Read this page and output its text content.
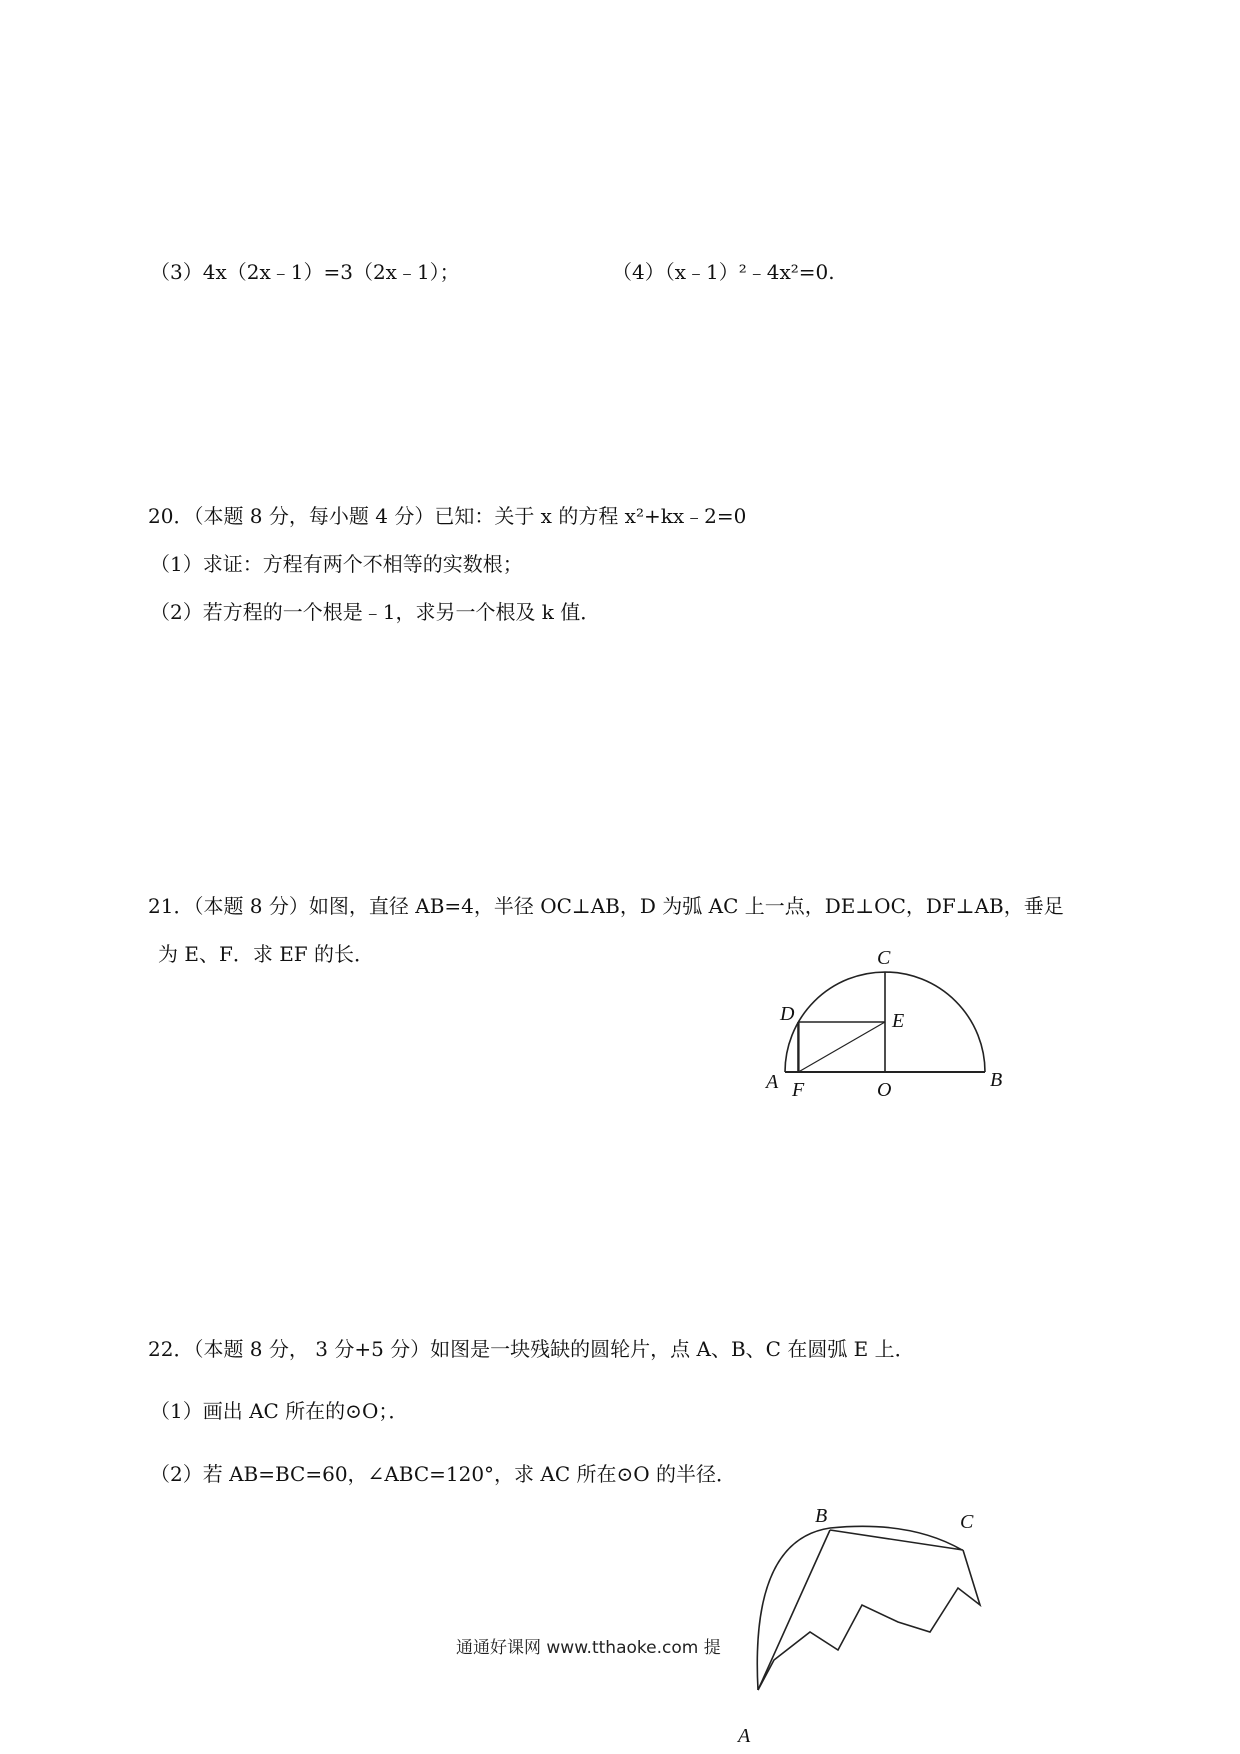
（3）4x（2x﹣1）=3（2x﹣1）；	（4）（x﹣1）²﹣4x²=0.
20．（本题 8 分，每小题 4 分）已知：关于 x 的方程 x²+kx﹣2=0
（1）求证：方程有两个不相等的实数根；
（2）若方程的一个根是﹣1，求另一个根及 k 值．
21．（本题 8 分）如图，直径 AB=4，半径 OC⊥AB，D 为弧 AC 上一点，DE⊥OC，DF⊥AB，垂足
为 E、F．求 EF 的长．	C
D	E
A F	O	B
22．（本题 8 分， 3 分+5 分）如图是一块残缺的圆轮片，点 A、B、C 在圆弧 E 上．
（1）画出 AC 所在的⊙O；．
（2）若 AB=BC=60，∠ABC=120°，求 AC 所在⊙O 的半径．
B	C
A
通通好课网 www.tthaoke.com 提
